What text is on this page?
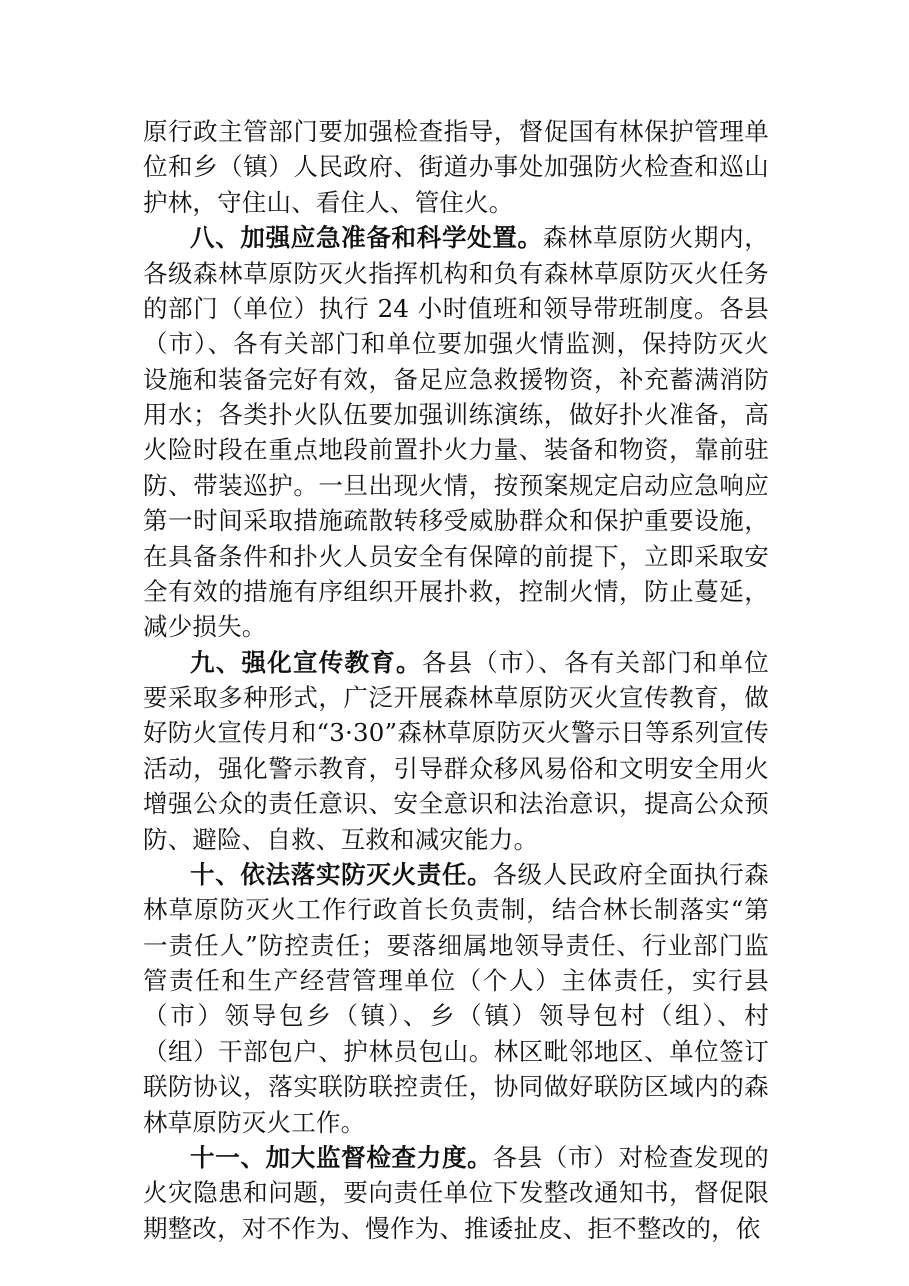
原行政主管部门要加强检查指导，督促国有林保护管理单
位和乡（镇）人民政府、街道办事处加强防火检查和巡山
护林，守住山、看住人、管住火。
八、加强应急准备和科学处置。森林草原防火期内，
各级森林草原防灭火指挥机构和负有森林草原防灭火任务
的部门（单位）执行 24 小时值班和领导带班制度。各县
（市）、各有关部门和单位要加强火情监测，保持防灭火
设施和装备完好有效，备足应急救援物资，补充蓄满消防
用水；各类扑火队伍要加强训练演练，做好扑火准备，高
火险时段在重点地段前置扑火力量、装备和物资，靠前驻
防、带装巡护。一旦出现火情，按预案规定启动应急响应
第一时间采取措施疏散转移受威胁群众和保护重要设施，
在具备条件和扑火人员安全有保障的前提下，立即采取安
全有效的措施有序组织开展扑救，控制火情，防止蔓延，
减少损失。
九、强化宣传教育。各县（市）、各有关部门和单位
要采取多种形式，广泛开展森林草原防灭火宣传教育，做
好防火宣传月和“3·30”森林草原防灭火警示日等系列宣传
活动，强化警示教育，引导群众移风易俗和文明安全用火
增强公众的责任意识、安全意识和法治意识，提高公众预
防、避险、自救、互救和减灾能力。
十、依法落实防灭火责任。各级人民政府全面执行森
林草原防灭火工作行政首长负责制，结合林长制落实“第
一责任人”防控责任；要落细属地领导责任、行业部门监
管责任和生产经营管理单位（个人）主体责任，实行县
（市）领导包乡（镇）、乡（镇）领导包村（组）、村
（组）干部包户、护林员包山。林区毗邻地区、单位签订
联防协议，落实联防联控责任，协同做好联防区域内的森
林草原防灭火工作。
十一、加大监督检查力度。各县（市）对检查发现的
火灾隐患和问题，要向责任单位下发整改通知书，督促限
期整改，对不作为、慢作为、推诿扯皮、拒不整改的，依
